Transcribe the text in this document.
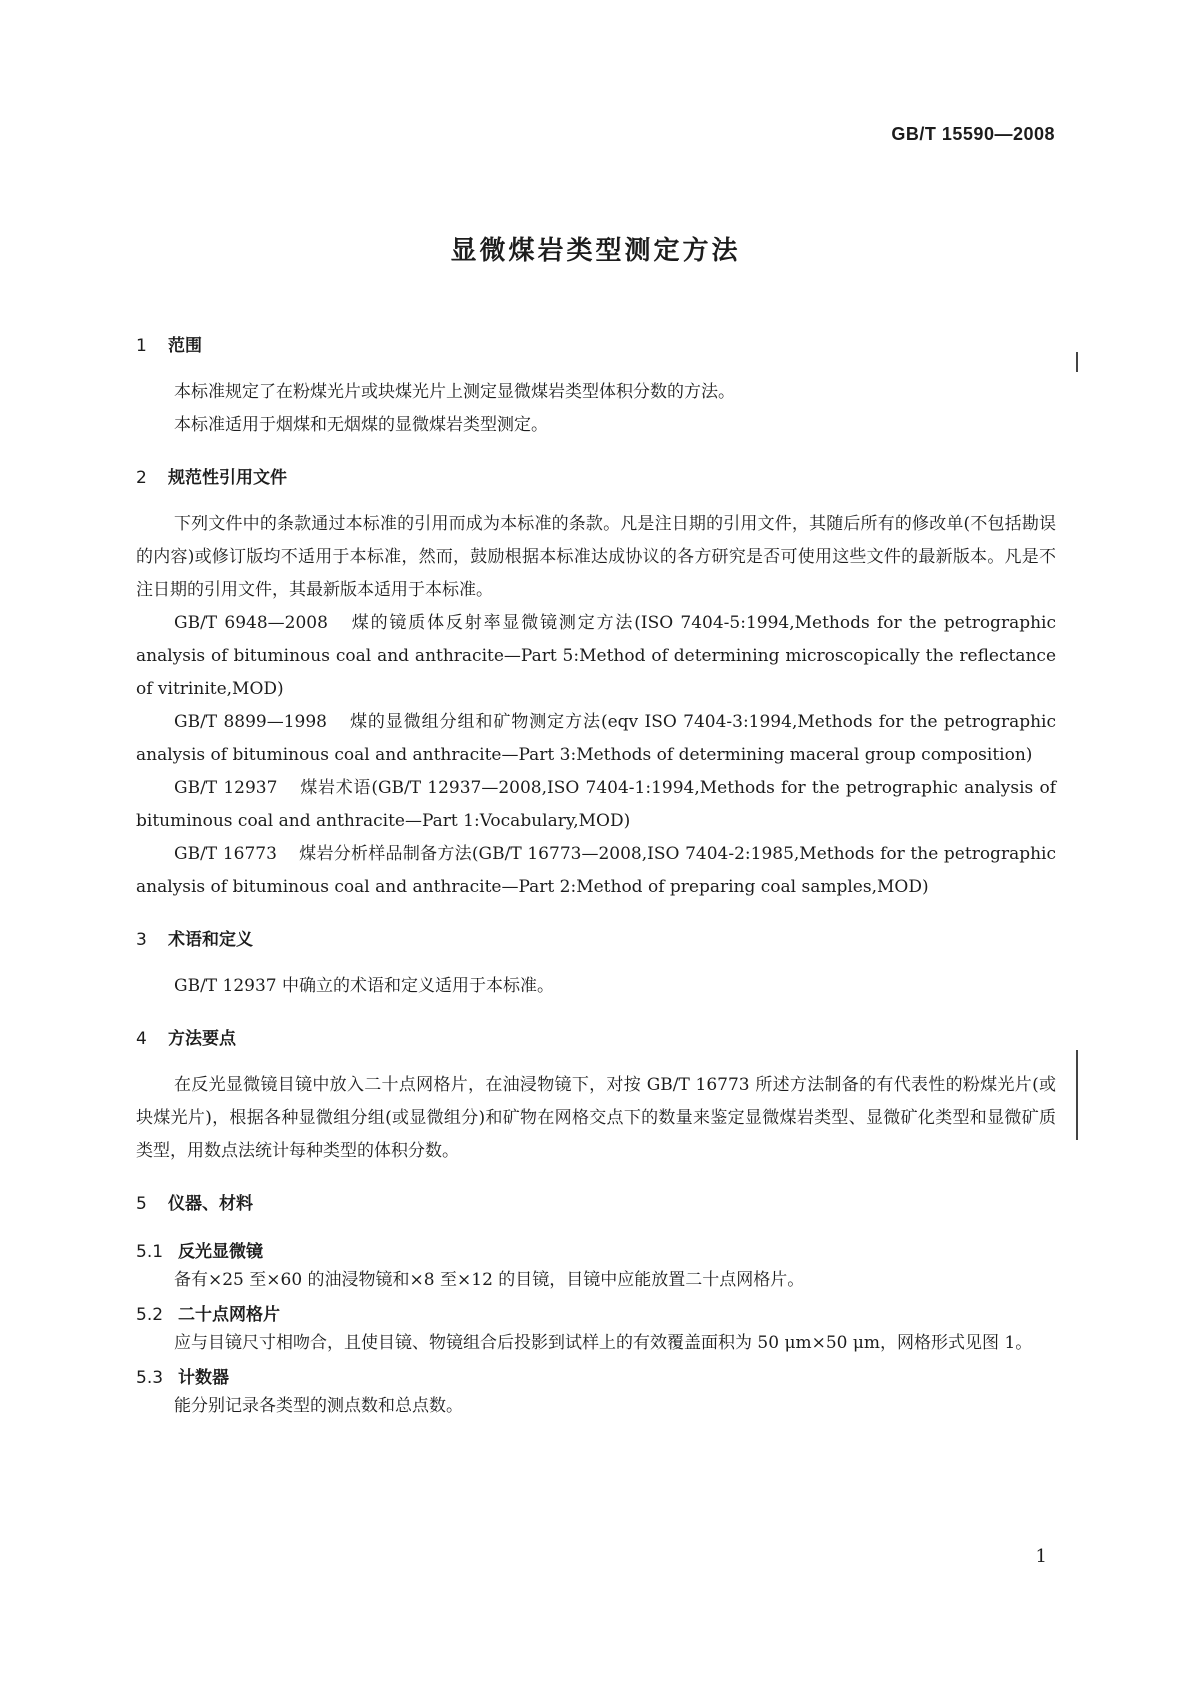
GB/T 15590—2008
显微煤岩类型测定方法
1 范围

本标准规定了在粉煤光片或块煤光片上测定显微煤岩类型体积分数的方法。

本标准适用于烟煤和无烟煤的显微煤岩类型测定。

2 规范性引用文件

下列文件中的条款通过本标准的引用而成为本标准的条款。凡是注日期的引用文件，其随后所有的修改单(不包括勘误的内容)或修订版均不适用于本标准，然而，鼓励根据本标准达成协议的各方研究是否可使用这些文件的最新版本。凡是不注日期的引用文件，其最新版本适用于本标准。

GB/T 6948—2008 煤的镜质体反射率显微镜测定方法(ISO 7404-5:1994,Methods for the petrographic analysis of bituminous coal and anthracite—Part 5:Method of determining microscopically the reflectance of vitrinite,MOD)

GB/T 8899—1998 煤的显微组分组和矿物测定方法(eqv ISO 7404-3:1994,Methods for the petrographic analysis of bituminous coal and anthracite—Part 3:Methods of determining maceral group composition)

GB/T 12937 煤岩术语(GB/T 12937—2008,ISO 7404-1:1994,Methods for the petrographic analysis of bituminous coal and anthracite—Part 1:Vocabulary,MOD)

GB/T 16773 煤岩分析样品制备方法(GB/T 16773—2008,ISO 7404-2:1985,Methods for the petrographic analysis of bituminous coal and anthracite—Part 2:Method of preparing coal samples,MOD)

3 术语和定义

GB/T 12937 中确立的术语和定义适用于本标准。

4 方法要点

在反光显微镜目镜中放入二十点网格片，在油浸物镜下，对按 GB/T 16773 所述方法制备的有代表性的粉煤光片(或块煤光片)，根据各种显微组分组(或显微组分)和矿物在网格交点下的数量来鉴定显微煤岩类型、显微矿化类型和显微矿质类型，用数点法统计每种类型的体积分数。

5 仪器、材料
5.1 反光显微镜

备有×25 至×60 的油浸物镜和×8 至×12 的目镜，目镜中应能放置二十点网格片。

5.2 二十点网格片

应与目镜尺寸相吻合，且使目镜、物镜组合后投影到试样上的有效覆盖面积为 50 μm×50 μm，网格形式见图 1。

5.3 计数器

能分别记录各类型的测点数和总点数。

1
